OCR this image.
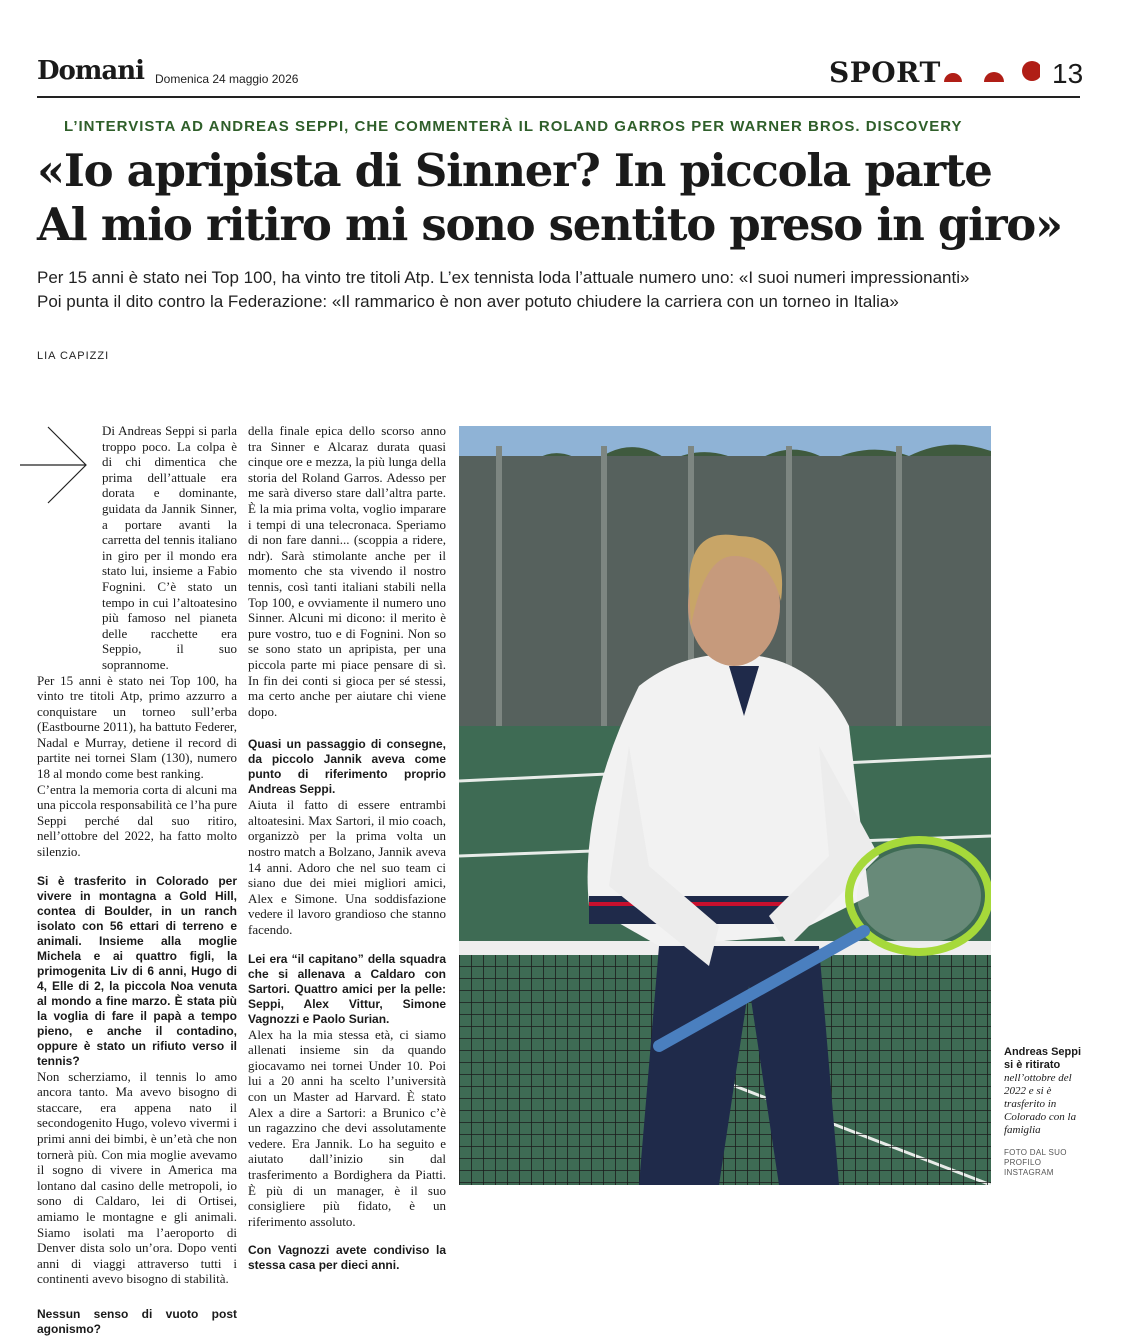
Domani Domenica 24 maggio 2026	SPORT	13
L’INTERVISTA AD ANDREAS SEPPI, CHE COMMENTERÀ IL ROLAND GARROS PER WARNER BROS. DISCOVERY
«Io apripista di Sinner? In piccola parte
Al mio ritiro mi sono sentito preso in giro»
Per 15 anni è stato nei Top 100, ha vinto tre titoli Atp. L’ex tennista loda l’attuale numero uno: «I suoi numeri impressionanti»
Poi punta il dito contro la Federazione: «Il rammarico è non aver potuto chiudere la carriera con un torneo in Italia»
LIA CAPIZZI

Di Andreas Seppi si parla troppo poco. La colpa è di chi dimentica che prima dell’attuale era dorata e dominante, guidata da Jannik Sinner, a portare avanti la carretta del tennis italiano in giro per il mondo era stato lui, insieme a Fabio Fognini. C’è stato un tempo in cui l’altoatesino più famoso nel pianeta delle racchette era Seppio, il suo soprannome.

Per 15 anni è stato nei Top 100, ha vinto tre titoli Atp, primo azzurro a conquistare un torneo sull’erba (Eastbourne 2011), ha battuto Federer, Nadal e Murray, detiene il record di partite nei tornei Slam (130), numero 18 al mondo come best ranking.

C’entra la memoria corta di alcuni ma una piccola responsabilità ce l’ha pure Seppi perché dal suo ritiro, nell’ottobre del 2022, ha fatto molto silenzio.

Si è trasferito in Colorado per vivere in montagna a Gold Hill, contea di Boulder, in un ranch isolato con 56 ettari di terreno e animali. Insieme alla moglie Michela e ai quattro figli, la primogenita Liv di 6 anni, Hugo di 4, Elle di 2, la piccola Noa venuta al mondo a fine marzo. È stata più la voglia di fare il papà a tempo pieno, e anche il contadino, oppure è stato un rifiuto verso il tennis?

Non scherziamo, il tennis lo amo ancora tanto. Ma avevo bisogno di staccare, era appena nato il secondogenito Hugo, volevo vivermi i primi anni dei bimbi, è un’età che non tornerà più. Con mia moglie avevamo il sogno di vivere in America ma lontano dal casino delle metropoli, io sono di Caldaro, lei di Ortisei, amiamo le montagne e gli animali. Siamo isolati ma l’aeroporto di Denver dista solo un’ora. Dopo venti anni di viaggi attraverso tutti i continenti avevo bisogno di stabilità.

Nessun senso di vuoto post agonismo?

della finale epica dello scorso anno tra Sinner e Alcaraz durata quasi cinque ore e mezza, la più lunga della storia del Roland Garros. Adesso per me sarà diverso stare dall’altra parte. È la mia prima volta, voglio imparare i tempi di una telecronaca. Speriamo di non fare danni... (scoppia a ridere, ndr). Sarà stimolante anche per il momento che sta vivendo il nostro tennis, così tanti italiani stabili nella Top 100, e ovviamente il numero uno Sinner. Alcuni mi dicono: il merito è pure vostro, tuo e di Fognini. Non so se sono stato un apripista, per una piccola parte mi piace pensare di sì. In fin dei conti si gioca per sé stessi, ma certo anche per aiutare chi viene dopo.

Quasi un passaggio di consegne, da piccolo Jannik aveva come punto di riferimento proprio Andreas Seppi.

Aiuta il fatto di essere entrambi altoatesini. Max Sartori, il mio coach, organizzò per la prima volta un nostro match a Bolzano, Jannik aveva 14 anni. Adoro che nel suo team ci siano due dei miei migliori amici, Alex e Simone. Una soddisfazione vedere il lavoro grandioso che stanno facendo.

Lei era “il capitano” della squadra che si allenava a Caldaro con Sartori. Quattro amici per la pelle: Seppi, Alex Vittur, Simone Vagnozzi e Paolo Surian.

Alex ha la mia stessa età, ci siamo allenati insieme sin da quando giocavamo nei tornei Under 10. Poi lui a 20 anni ha scelto l’università con un Master ad Harvard. È stato Alex a dire a Sartori: a Brunico c’è un ragazzino che devi assolutamente vedere. Era Jannik. Lo ha seguito e aiutato dall’inizio sin dal trasferimento a Bordighera da Piatti. È più di un manager, è il suo consigliere più fidato, è un riferimento assoluto.

Con Vagnozzi avete condiviso la stessa casa per dieci anni.

Andreas Seppi si è ritirato nell’ottobre del 2022 e si è trasferito in Colorado con la famiglia
FOTO DAL SUO PROFILO INSTAGRAM
